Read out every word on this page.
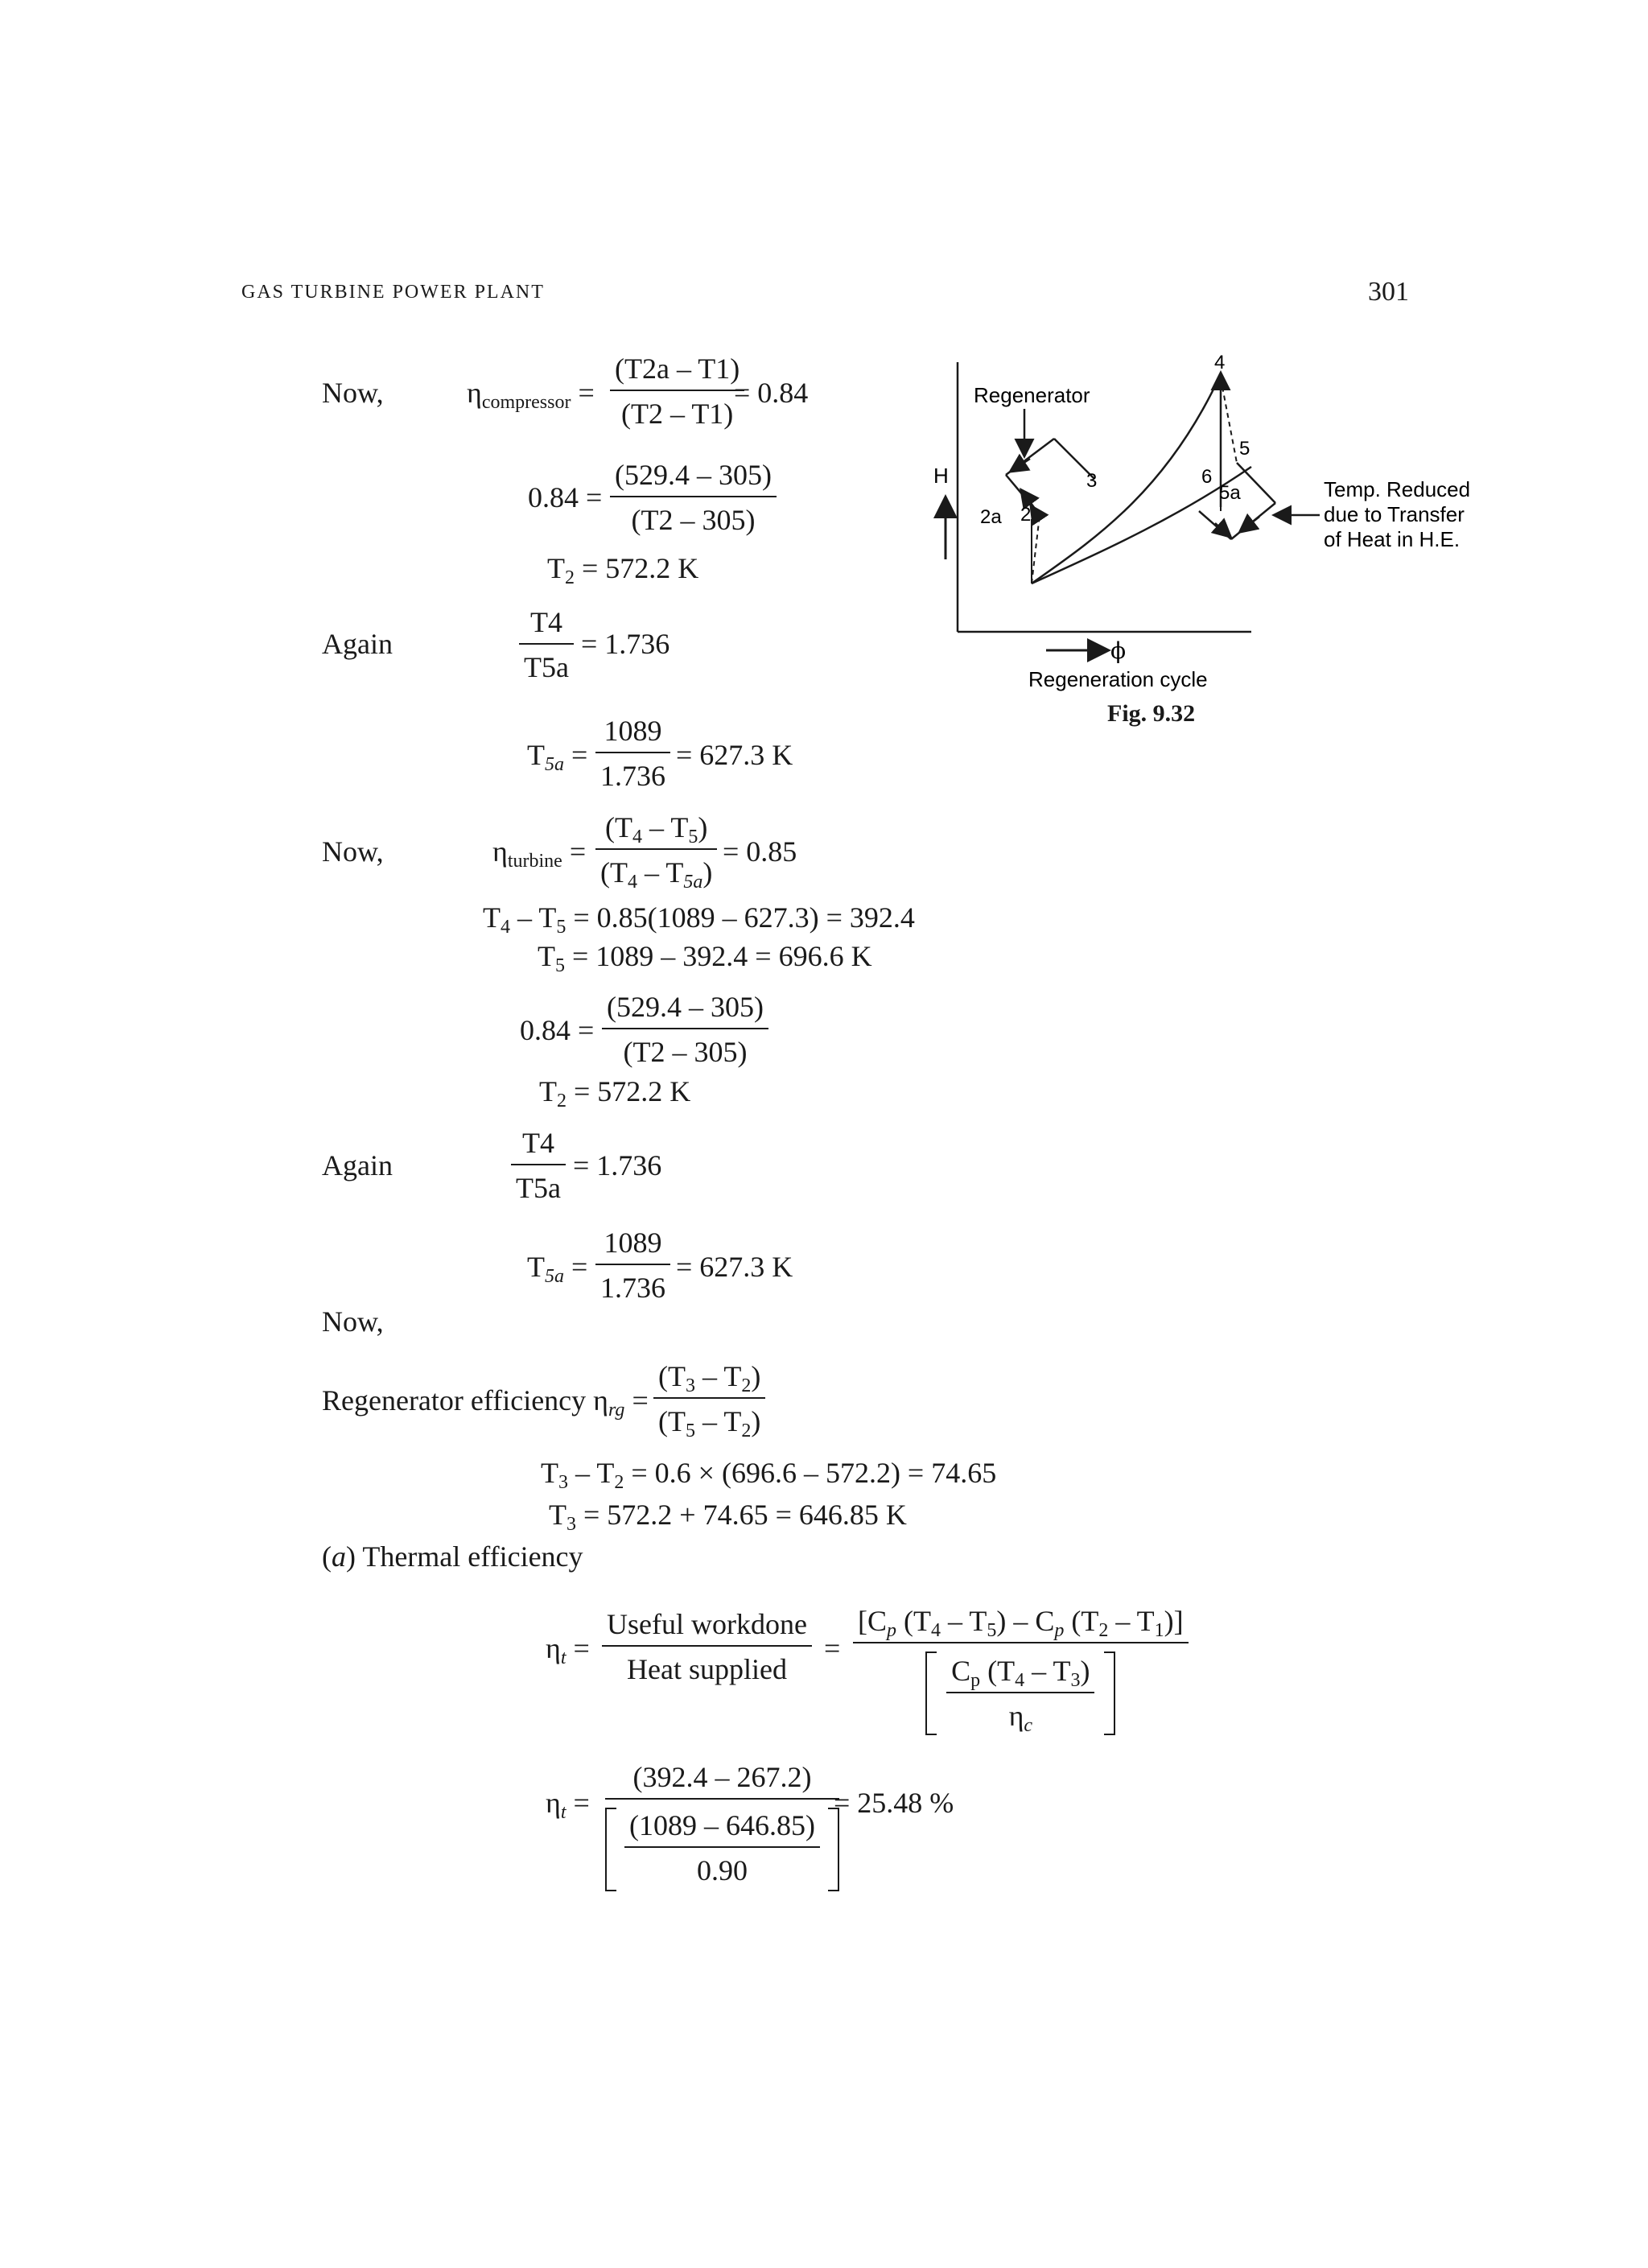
GAS TURBINE POWER PLANT	301
4
5
3	6
5a
2a 2
Regenerator
H
ϕ
Temp. Reduced
due to Transfer
of Heat in H.E.
Regeneration cycle
Fig. 9.32
Now,	$\eta_{compressor}$ =
(T2a – T1)
(T2 – T1)
= 0.84
0.84 =
(529.4 – 305)
(T2 – 305)
$T_2 = 572.2$ K
Again
T4
T5a
= 1.736
$T_{5a}$ =
1089
1.736
= 627.3 K
Now,	$\eta_{turbine}$ =
$(T_4 - T_5)$
$(T_4 - T_{5a})$
= 0.85
$T_4 - T_5 = 0.85(1089 - 627.3) = 392.4$
$T_5 = 1089 - 392.4 = 696.6$ K
0.84 =
(529.4 – 305)
(T2 – 305)
$T_2 = 572.2$ K
Again
T4
T5a
= 1.736
$T_{5a}$ =
1089
1.736
= 627.3 K
Now,
Regenerator efficiency $\eta_{rg}$ =
$(T_3 - T_2)$
$(T_5 - T_2)$
$T_3 - T_2 = 0.6 \times (696.6 - 572.2) = 74.65$
$T_3 = 572.2 + 74.65 = 646.85$ K
(a) Thermal efficiency
$\eta_t$ =
Useful workdone
Heat supplied
=
[$C_p$ $(T_4 - T_5) - C_p$ $(T_2 - T_1)$]
$C_p$ $(T_4 - T_3)$
$\eta_c$
$\eta_t$ =
(392.4 – 267.2)
(1089 – 646.85)
0.90
= 25.48 %
